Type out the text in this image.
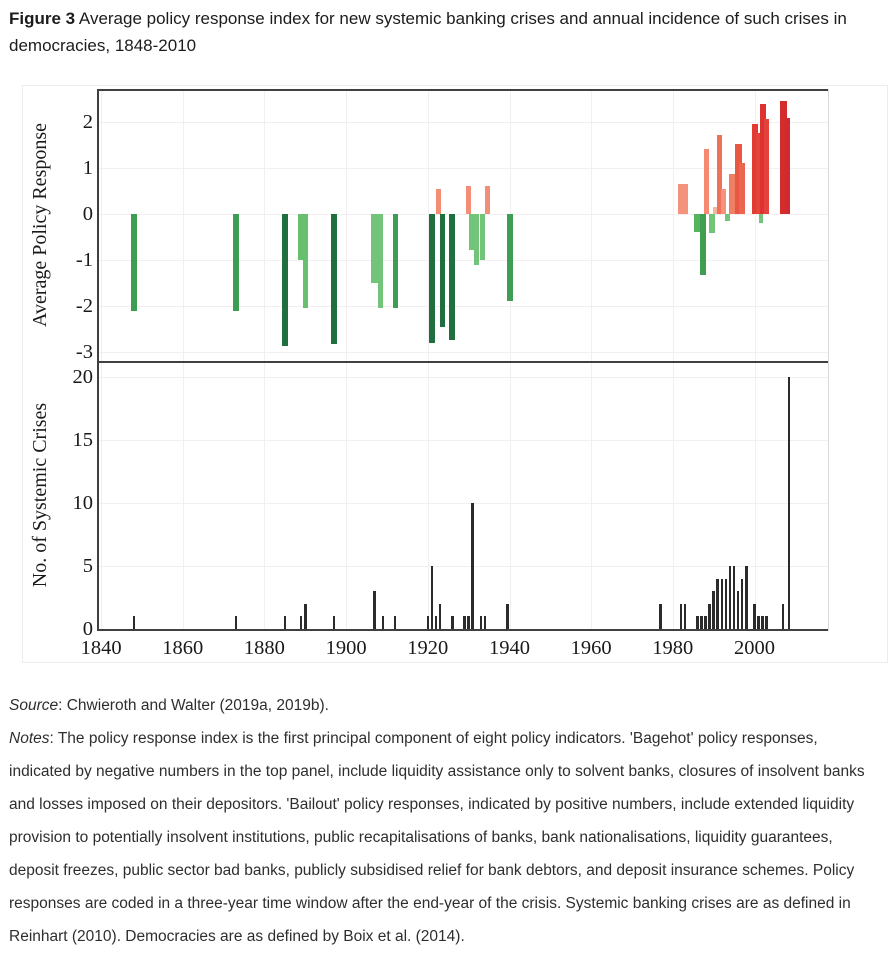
Figure 3 Average policy response index for new systemic banking crises and annual incidence of such crises in democracies, 1848-2010
Average Policy Response
No. of Systemic Crises
2
1
0
-1
-2
-3
0
5
10
15
20
1840	1860	1880	1900	1920	1940	1960	1980	2000

Source: Chwieroth and Walter (2019a, 2019b).

Notes: The policy response index is the first principal component of eight policy indicators. 'Bagehot' policy responses, indicated by negative numbers in the top panel, include liquidity assistance only to solvent banks, closures of insolvent banks and losses imposed on their depositors. 'Bailout' policy responses, indicated by positive numbers, include extended liquidity provision to potentially insolvent institutions, public recapitalisations of banks, bank nationalisations, liquidity guarantees, deposit freezes, public sector bad banks, publicly subsidised relief for bank debtors, and deposit insurance schemes. Policy responses are coded in a three-year time window after the end-year of the crisis. Systemic banking crises are as defined in Reinhart (2010). Democracies are as defined by Boix et al. (2014).
